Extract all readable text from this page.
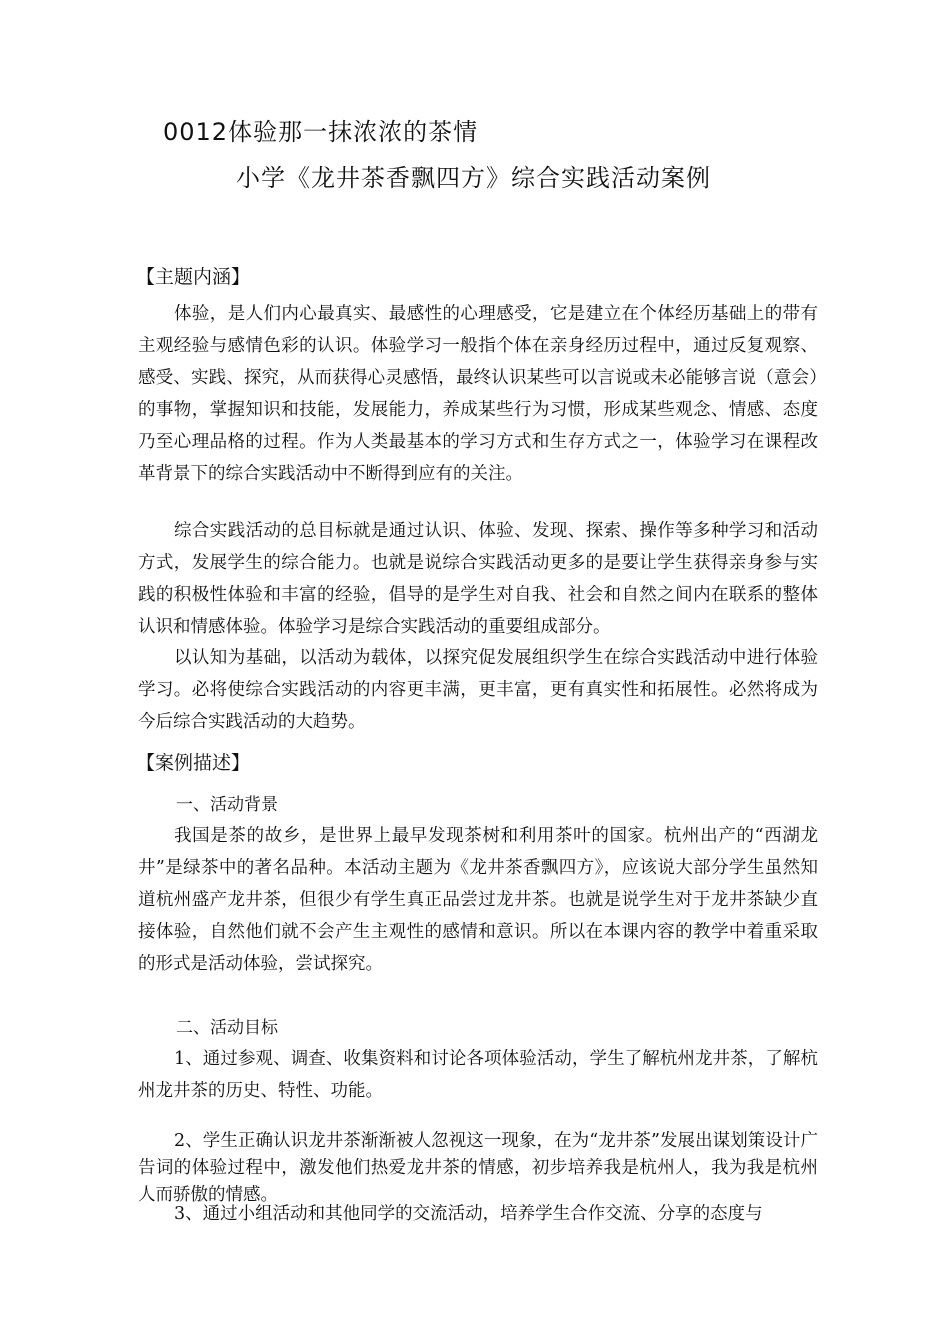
0012体验那一抹浓浓的茶情
小学《龙井茶香飘四方》综合实践活动案例
【主题内涵】

体验，是人们内心最真实、最感性的心理感受，它是建立在个体经历基础上的带有主观经验与感情色彩的认识。体验学习一般指个体在亲身经历过程中，通过反复观察、感受、实践、探究，从而获得心灵感悟，最终认识某些可以言说或未必能够言说（意会）的事物，掌握知识和技能，发展能力，养成某些行为习惯，形成某些观念、情感、态度乃至心理品格的过程。作为人类最基本的学习方式和生存方式之一，体验学习在课程改革背景下的综合实践活动中不断得到应有的关注。

综合实践活动的总目标就是通过认识、体验、发现、探索、操作等多种学习和活动方式，发展学生的综合能力。也就是说综合实践活动更多的是要让学生获得亲身参与实践的积极性体验和丰富的经验，倡导的是学生对自我、社会和自然之间内在联系的整体认识和情感体验。体验学习是综合实践活动的重要组成部分。

以认知为基础，以活动为载体，以探究促发展组织学生在综合实践活动中进行体验学习。必将使综合实践活动的内容更丰满，更丰富，更有真实性和拓展性。必然将成为今后综合实践活动的大趋势。

【案例描述】
一、活动背景

我国是茶的故乡，是世界上最早发现茶树和利用茶叶的国家。杭州出产的“西湖龙井”是绿茶中的著名品种。本活动主题为《龙井茶香飘四方》，应该说大部分学生虽然知道杭州盛产龙井茶，但很少有学生真正品尝过龙井茶。也就是说学生对于龙井茶缺少直接体验，自然他们就不会产生主观性的感情和意识。所以在本课内容的教学中着重采取的形式是活动体验，尝试探究。

二、活动目标

1、通过参观、调查、收集资料和讨论各项体验活动，学生了解杭州龙井茶，了解杭州龙井茶的历史、特性、功能。

2、学生正确认识龙井茶渐渐被人忽视这一现象，在为“龙井茶”发展出谋划策设计广告词的体验过程中，激发他们热爱龙井茶的情感，初步培养我是杭州人，我为我是杭州人而骄傲的情感。

3、通过小组活动和其他同学的交流活动，培养学生合作交流、分享的态度与
